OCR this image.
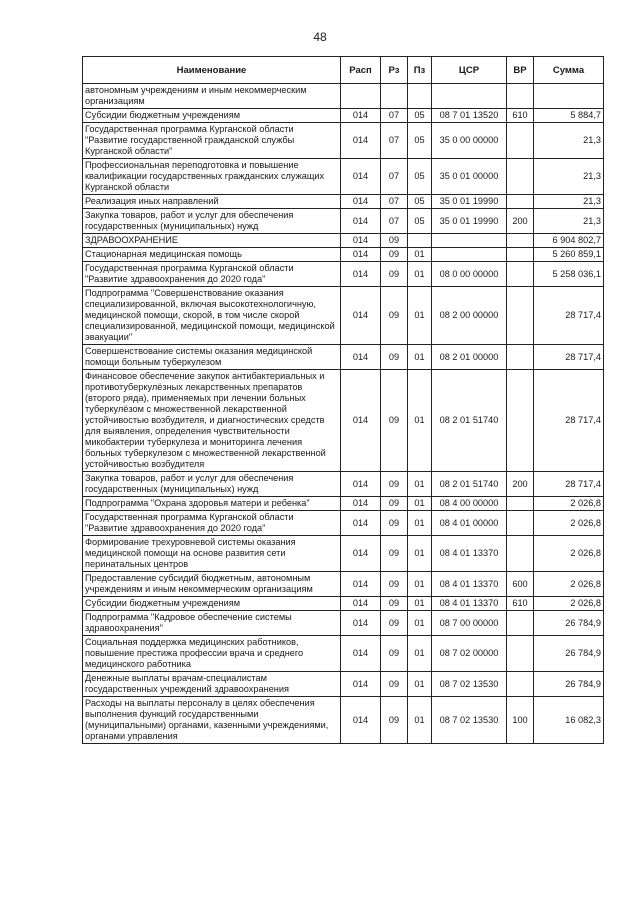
48
Наименование	Расп	Рз	Пз	ЦСР	ВР	Сумма
автономным учреждениям и иным некоммерческим организациям						
Субсидии бюджетным учреждениям	014	07	05	08 7 01 13520	610	5 884,7
Государственная программа Курганской области "Развитие государственной гражданской службы Курганской области"	014	07	05	35 0 00 00000		21,3
Профессиональная переподготовка и повышение квалификации государственных гражданских служащих Курганской области	014	07	05	35 0 01 00000		21,3
Реализация иных направлений	014	07	05	35 0 01 19990		21,3
Закупка товаров, работ и услуг для обеспечения государственных (муниципальных) нужд	014	07	05	35 0 01 19990	200	21,3
ЗДРАВООХРАНЕНИЕ	014	09				6 904 802,7
Стационарная медицинская помощь	014	09	01			5 260 859,1
Государственная программа Курганской области "Развитие здравоохранения до 2020 года"	014	09	01	08 0 00 00000		5 258 036,1
Подпрограмма "Совершенствование оказания специализированной, включая высокотехнологичную, медицинской помощи, скорой, в том числе скорой специализированной, медицинской помощи, медицинской эвакуации"	014	09	01	08 2 00 00000		28 717,4
Совершенствование системы оказания медицинской помощи больным туберкулезом	014	09	01	08 2 01 00000		28 717,4
Финансовое обеспечение закупок антибактериальных и противотуберкулёзных лекарственных препаратов (второго ряда), применяемых при лечении больных туберкулёзом с множественной лекарственной устойчивостью возбудителя, и диагностических средств для выявления, определения чувствительности микобактерии туберкулеза и мониторинга лечения больных туберкулезом с множественной лекарственной устойчивостью возбудителя	014	09	01	08 2 01 51740		28 717,4
Закупка товаров, работ и услуг для обеспечения государственных (муниципальных) нужд	014	09	01	08 2 01 51740	200	28 717,4
Подпрограмма "Охрана здоровья матери и ребенка"	014	09	01	08 4 00 00000		2 026,8
Государственная программа Курганской области "Развитие здравоохранения до 2020 года"	014	09	01	08 4 01 00000		2 026,8
Формирование трехуровневой системы оказания медицинской помощи на основе развития сети перинатальных центров	014	09	01	08 4 01 13370		2 026,8
Предоставление субсидий бюджетным, автономным учреждениям и иным некоммерческим организациям	014	09	01	08 4 01 13370	600	2 026,8
Субсидии бюджетным учреждениям	014	09	01	08 4 01 13370	610	2 026,8
Подпрограмма "Кадровое обеспечение системы здравоохранения"	014	09	01	08 7 00 00000		26 784,9
Социальная поддержка медицинских работников, повышение престижа профессии врача и среднего медицинского работника	014	09	01	08 7 02 00000		26 784,9
Денежные выплаты врачам-специалистам государственных учреждений здравоохранения	014	09	01	08 7 02 13530		26 784,9
Расходы на выплаты персоналу в целях обеспечения выполнения функций государственными (муниципальными) органами, казенными учреждениями, органами управления	014	09	01	08 7 02 13530	100	16 082,3
